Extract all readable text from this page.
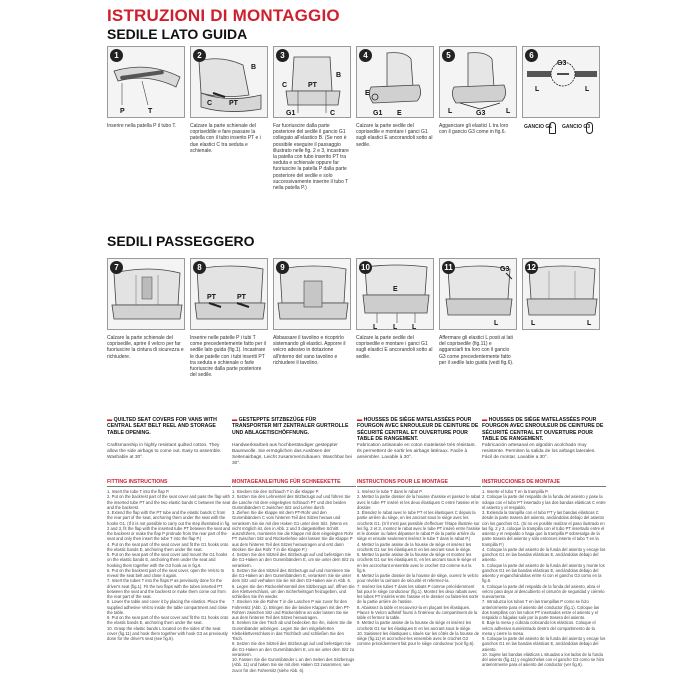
ISTRUZIONI DI MONTAGGIO
SEDILE LATO GUIDA
SEDILI PASSEGGERO
P	T
1
B
C PT
2
C	PT
B
G1	C
3
E
G1 E
4
G3
L	L
5
G3
L	L
6
GANCIO G1	GANCIO G3
Inserire nella patella P il tubo T.	Calzare la parte schienale del copriseddile e fare passare la patella con il tubo inserito PT e i due elastici C tra seduta e schienale.
Far fuoriuscire dalla parte posteriore del sedile il gancio G1 collegato all'elastico B. (Se non è possibile eseguire il passaggio illustrato nelle fig. 2 e 3, incastrare la patella con tubo inserito PT tra seduta e schienale oppure far fuoriuscire la patella P dalla parte posteriore del sedile e solo successivamente inserire il tubo T nella patella P.)
Calzare la parte sedile del coprisedile e montare i ganci G1 sugli elastici E ancorandoli sotto al sedile.
Agganciare gli elastici L tra loro con il gancio G3 come in fig.6.
7
PT	PT
8	9
E
L L L
10	G3
L
11
L	L
12
Calzare la parte schienale del coprisedile, aprire il velcro per far fuoriuscire la cintura di sicurezza e richiudere.
Inserire nelle patelle P i tubi T come precedentemente fatto per il sedile lato guida (fig.1). Incastrare le due patelle con i tubi inseriti PT tra seduta e schienale o farle fuoriuscire dalla parte posteriore del sedile.
Abbassare il tavolino e ricoprirlo sistemando gli elastici. Apporre il velcro adesivo in dotazione all'interno del vano tavolino e richiudere il tavolino.
Calzare la parte sedile del coprisedile e montare i ganci G1 sugli elastici E ancorandoli sotto al sedile.
Affermare gli elastici L posti ai lati del coprisedile (fig.11) e agganciarli tra loro con il gancio G3 come precedentemente fatto per il sedile lato guida (vedi fig.6).
▬ QUILTED SEAT COVERS FOR VANS WITH CENTRAL SEAT BELT REEL AND STORAGE TABLE OPENING.
▬ GESTEPPTE SITZBEZÜGE FÜR TRANSPORTER MIT ZENTRALER GURTROLLE UND ABLAGETISCHÖFFNUNG.
▬ HOUSSES DE SIÈGE MATELASSÉES POUR FOURGON AVEC ENROULEUR DE CEINTURE DE SÉCURITÉ CENTRAL ET OUVERTURE POUR TABLE DE RANGEMENT.
▬ HOUSSES DE SIÈGE MATELASSÉES POUR FOURGON AVEC ENROULEUR DE CEINTURE DE SÉCURITÉ CENTRAL ET OUVERTURE POUR TABLE DE RANGEMENT.
Craftsmanship in highly resistant quilted cotton. They allow the side airbags to come out. Easy to assemble. Washable at 30°.
Handwerksarbeit aus hochbeständiger gesteppter Baumwolle. Sie ermöglichen das Auslösen der Seitenairbags. Leicht zusammenzubauen. Waschbar bei 30°.
Fabrication artisanale en coton matelassé très résistant. Ils permettent de sortir les airbags latéraux. Facile à assembler. Lavable à 30°.
Fabricación artesanal en algodón acolchado muy resistente. Permiten la salida de los airbags laterales. Fácil de montar. Lavable a 30°.
FITTING INSTRUCTIONS	MONTAGEANLEITUNG FÜR SCHNEEKETTE	INSTRUCTIONS POUR LE MONTAGE	INSTRUCCIONES DE MONTAJE

1. Insert the tube T into the flap P.

2. Put on the backrest part of the seat cover and pass the flap with the inserted tube PT and the two elastic bands C between the seat and the backrest.

3. Extend the flap with the PT tube and the elastic bands C from the rear part of the seat, anchoring them under the seat with the hooks G1. (If it is not possible to carry out the step illustrated in fig. 2 and 3, fit the flap with the inserted tube PT between the seat and the backrest or make the flap P protrude from the rear part of the seat and only then insert the tube T into the flap P.)

4. Put on the seat part of the seat cover and fit the G1 hooks onto the elastic bands E, anchoring them under the seat.

5. Put on the seat part of the seat cover and mount the G1 hooks on the elastic bands E, anchoring them under the seat and hooking them together with the G3 hook as in fig.6.

6. Put on the backrest part of the seat cover, open the Velcro to reveal the seat belt and close it again.

7. Insert the tubes T into the flaps P as previously done for the driver's seat (fig.1). Fit the two flaps with the tubes inserted PT between the seat and the backrest or make them come out from the rear part of the seat.

8. Lower the table and cover it by placing the elastics. Place the supplied adhesive Velcro inside the table compartment and close the table.

9. Put on the seat part of the seat cover and fit the G1 hooks onto the elastic bands E, anchoring them under the seat.

10. Grasp the elastic bands L located on the sides of the seat cover (fig.11) and hook them together with hook G3 as previously done for the driver's seat (see fig.6).

1. Stecken Sie den Schlauch T in die Klappe P.

2. Setzen Sie den Lehnenteil des Sitzbezugs auf und führen Sie die Lasche mit dem eingelegten Schlauch PT und den beiden Gummibändern C zwischen Sitz und Lehne durch.

3. Ziehen Sie die Klappe mit dem PT-Rohr und den Gummibändern C vom hinteren Teil des Sitzes heraus und verankern Sie sie mit den Haken G1 unter dem Sitz. (Wenn es nicht möglich ist, den in Abb. 2 und 3 dargestellten Schritt auszuführen, montieren Sie die Klappe mit dem eingelegten Rohr PT zwischen Sitz und Rückenlehne oder lassen Sie die Klappe P aus dem hinteren Teil des Sitzes herausragen und erst dann stecken Sie das Rohr T in die Klappe P.)

4. Setzen Sie den Sitzteil des Sitzbezugs auf und befestigen Sie die G1-Haken an den Gummibändern E, um sie unter dem Sitz zu verankern.

5. Setzen Sie den Sitzteil des Sitzbezugs auf und montieren Sie die G1-Haken an den Gummibändern E, verankern Sie sie unter dem Sitz und verhaken Sie sie mit dem G3-Haken wie in Abb. 6.

6. Legen Sie den Rückenlehnenteil des Sitzbezugs auf, öffnen Sie den Klettverschluss, um den Sicherheitsgurt freizugeben, und schließen Sie ihn wieder.

7. Stecken Sie die Rohre T in die Laschen P wie zuvor für den Fahrersitz (Abb. 1). Bringen Sie die beiden Klappen mit den PT-Rohren zwischen Sitz und Rückenlehne an oder lassen Sie sie aus dem hinteren Teil des Sitzes herausragen.

8. Senken Sie den Tisch ab und bedecken Sie ihn, indem Sie die Gummibänder anbringen. Legen Sie den mitgelieferten Klebeklettverschluss in das Tischfach und schließen Sie den Tisch.

9. Setzen Sie den Sitzteil des Sitzbezugs auf und befestigen Sie die G1-Haken an den Gummibändern E, um sie unter dem Sitz zu verankern.

10. Fassen Sie die Gummibänder L an den Seiten des Sitzbezugs (Abb. 11) und haken Sie sie mit dem Haken G3 zusammen, wie zuvor für den Fahrersitz (siehe Abb. 6).

1. Insérez le tube T dans le rabat P.

2. Mettez la partie dossier de la housse d'assise et passez le rabat avec le tube PT inséré et les deux élastiques C entre l'assise et le dossier.

3. Étendez le rabat avec le tube PT et les élastiques C depuis la partie arrière du siège, en les ancrant sous le siège avec les crochets G1. (S'il n'est pas possible d'effectuer l'étape illustrée sur les fig. 2 et 3, montez le rabat avec le tube PT inséré entre l'assise et le dossier ou faites dépasser le rabat P de la partie arrière du siège et ensuite seulement insérez le tube T dans le rabat P.)

4. Mettez la partie assise de la housse de siège et insérez les crochets G1 sur les élastiques E en les ancrant sous le siège.

5. Mettez la partie assise de la housse de siège et montez les crochets G1 sur les élastiques E, en les ancrant sous le siège et en les accrochant ensemble avec le crochet G3 comme sur la fig.6.

6. Mettez la partie dossier de la housse de siège, ouvrez le velcro pour révéler la ceinture de sécurité et refermez-la.

7. Insérez les tubes T dans les rabats P comme précédemment fait pour le siège conducteur (fig.1). Montez les deux rabats avec les tubes PT insérés entre l'assise et le dossier ou faites-les sortir de la partie arrière de l'assise.

8. Abaissez la table et recouvrez-la en plaçant les élastiques. Placez le Velcro adhésif fourni à l'intérieur du compartiment de la table et fermez la table.

9. Mettez la partie assise de la housse de siège et insérez les crochets G1 sur les élastiques E en les ancrant sous le siège.

10. Saisissez les élastiques L situés sur les côtés de la housse de siège (fig.11) et accrochez-les ensemble avec le crochet G3 comme précédemment fait pour le siège conducteur (voir fig.6).

1. Inserte el tubo T en la trampilla P.

2. Coloque la parte del respaldo de la funda del asiento y pase la solapa con el tubo PT insertado y las dos bandas elásticas C entre el asiento y el respaldo.

3. Extienda la trampilla con el tubo PT y las bandas elásticas C desde la parte trasera del asiento, anclándolas debajo del asiento con los ganchos G1. (Si no es posible realizar el paso ilustrado en las fig. 2 y 3, coloque la trampilla con el tubo PT insertado entre el asiento y el respaldo o haga que la trampilla P sobresalga de la parte trasera del asiento y sólo entonces inserte el tubo T en la trampilla P.)

4. Coloque la parte del asiento de la funda del asiento y encaje los ganchos G1 en las bandas elásticas E, anclándolas debajo del asiento.

5. Coloque la parte del asiento de la funda del asiento y monte los ganchos G1 en las bandas elásticas E, anclándolas debajo del asiento y enganchándolas entre sí con el gancho G3 como en la fig.6.

6. Coloque la parte del respaldo de la funda del asiento, abra el velcro para dejar al descubierto el cinturón de seguridad y ciérrelo nuevamente.

7. Introduzca los tubos T en las trampillas P como se hizo anteriormente para el asiento del conductor (fig.1). Coloque las dos trampillas con los tubos PT insertados entre el asiento y el respaldo o hágalas salir por la parte trasera del asiento.

8. Baje la mesa y cúbrala colocando los elásticos. Coloque el velcro adhesivo suministrado dentro del compartimento de la mesa y cierre la mesa.

9. Coloque la parte del asiento de la funda del asiento y encaje los ganchos G1 en las bandas elásticas E, anclándolas debajo del asiento.

10. Sujete las bandas elásticas L situadas a los lados de la funda del asiento (fig.11) y engánchelas con el gancho G3 como se hizo anteriormente para el asiento del conductor (ver fig.6).
